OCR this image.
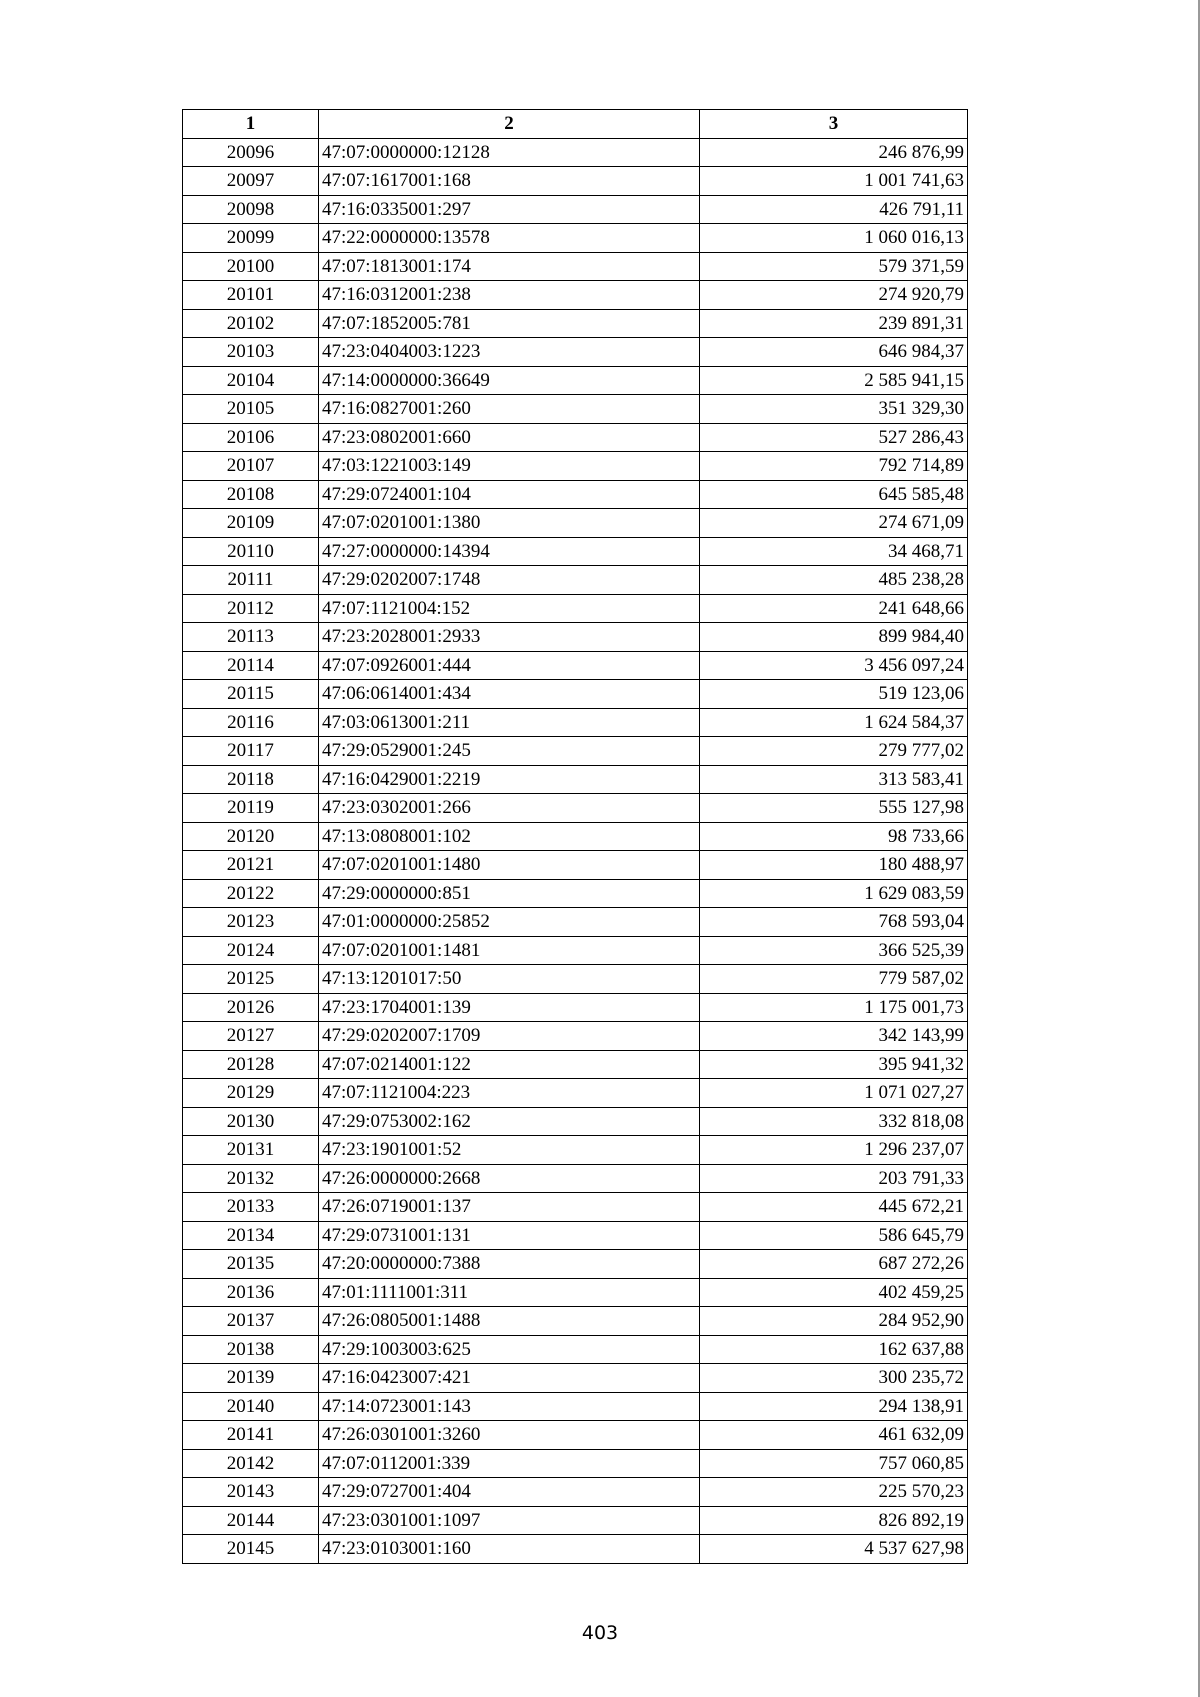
1	2	3
20096	47:07:0000000:12128	246 876,99
20097	47:07:1617001:168	1 001 741,63
20098	47:16:0335001:297	426 791,11
20099	47:22:0000000:13578	1 060 016,13
20100	47:07:1813001:174	579 371,59
20101	47:16:0312001:238	274 920,79
20102	47:07:1852005:781	239 891,31
20103	47:23:0404003:1223	646 984,37
20104	47:14:0000000:36649	2 585 941,15
20105	47:16:0827001:260	351 329,30
20106	47:23:0802001:660	527 286,43
20107	47:03:1221003:149	792 714,89
20108	47:29:0724001:104	645 585,48
20109	47:07:0201001:1380	274 671,09
20110	47:27:0000000:14394	34 468,71
20111	47:29:0202007:1748	485 238,28
20112	47:07:1121004:152	241 648,66
20113	47:23:2028001:2933	899 984,40
20114	47:07:0926001:444	3 456 097,24
20115	47:06:0614001:434	519 123,06
20116	47:03:0613001:211	1 624 584,37
20117	47:29:0529001:245	279 777,02
20118	47:16:0429001:2219	313 583,41
20119	47:23:0302001:266	555 127,98
20120	47:13:0808001:102	98 733,66
20121	47:07:0201001:1480	180 488,97
20122	47:29:0000000:851	1 629 083,59
20123	47:01:0000000:25852	768 593,04
20124	47:07:0201001:1481	366 525,39
20125	47:13:1201017:50	779 587,02
20126	47:23:1704001:139	1 175 001,73
20127	47:29:0202007:1709	342 143,99
20128	47:07:0214001:122	395 941,32
20129	47:07:1121004:223	1 071 027,27
20130	47:29:0753002:162	332 818,08
20131	47:23:1901001:52	1 296 237,07
20132	47:26:0000000:2668	203 791,33
20133	47:26:0719001:137	445 672,21
20134	47:29:0731001:131	586 645,79
20135	47:20:0000000:7388	687 272,26
20136	47:01:1111001:311	402 459,25
20137	47:26:0805001:1488	284 952,90
20138	47:29:1003003:625	162 637,88
20139	47:16:0423007:421	300 235,72
20140	47:14:0723001:143	294 138,91
20141	47:26:0301001:3260	461 632,09
20142	47:07:0112001:339	757 060,85
20143	47:29:0727001:404	225 570,23
20144	47:23:0301001:1097	826 892,19
20145	47:23:0103001:160	4 537 627,98
403
